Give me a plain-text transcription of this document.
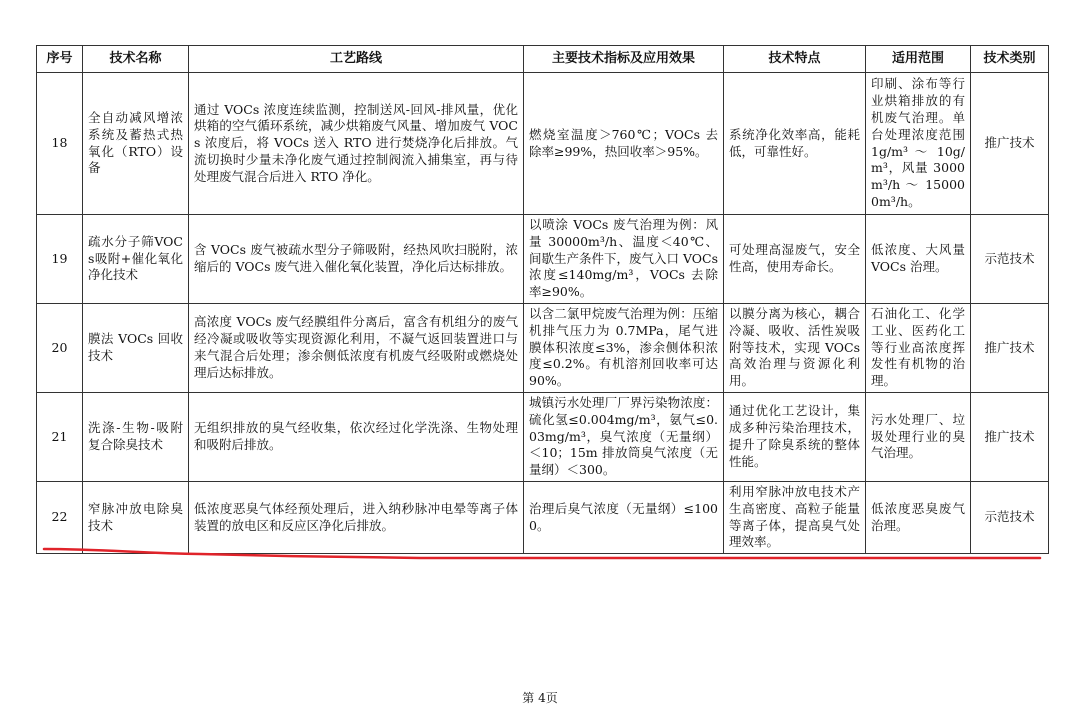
序号	技术名称	工艺路线	主要技术指标及应用效果	技术特点	适用范围	技术类别
18	全自动减风增浓系统及蓄热式热氧化（RTO）设备	通过 VOCs 浓度连续监测，控制送风-回风-排风量，优化烘箱的空气循环系统，减少烘箱废气风量、增加废气 VOCs 浓度后，将 VOCs 送入 RTO 进行焚烧净化后排放。气流切换时少量未净化废气通过控制阀流入捕集室，再与待处理废气混合后进入 RTO 净化。	燃烧室温度＞760℃；VOCs 去除率≥99%，热回收率＞95%。	系统净化效率高，能耗低，可靠性好。	印刷、涂布等行业烘箱排放的有机废气治理。单台处理浓度范围 1g/m³ ～ 10g/m³，风量 3000m³/h ～ 150000m³/h。	推广技术
19	疏水分子筛VOCs吸附+催化氧化净化技术	含 VOCs 废气被疏水型分子筛吸附，经热风吹扫脱附，浓缩后的 VOCs 废气进入催化氧化装置，净化后达标排放。	以喷涂 VOCs 废气治理为例：风量 30000m³/h、温度＜40℃、间歇生产条件下，废气入口 VOCs 浓度≤140mg/m³，VOCs 去除率≥90%。	可处理高湿废气，安全性高，使用寿命长。	低浓度、大风量 VOCs 治理。	示范技术
20	膜法 VOCs 回收技术	高浓度 VOCs 废气经膜组件分离后，富含有机组分的废气经冷凝或吸收等实现资源化利用，不凝气返回装置进口与来气混合后处理；渗余侧低浓度有机废气经吸附或燃烧处理后达标排放。	以含二氯甲烷废气治理为例：压缩机排气压力为 0.7MPa，尾气进膜体积浓度≤3%，渗余侧体积浓度≤0.2%。有机溶剂回收率可达 90%。	以膜分离为核心，耦合冷凝、吸收、活性炭吸附等技术，实现 VOCs 高效治理与资源化利用。	石油化工、化学工业、医药化工等行业高浓度挥发性有机物的治理。	推广技术
21	洗涤-生物-吸附复合除臭技术	无组织排放的臭气经收集，依次经过化学洗涤、生物处理和吸附后排放。	城镇污水处理厂厂界污染物浓度：硫化氢≤0.004mg/m³，氨气≤0.03mg/m³，臭气浓度（无量纲）＜10；15m 排放筒臭气浓度（无量纲）＜300。	通过优化工艺设计，集成多种污染治理技术，提升了除臭系统的整体性能。	污水处理厂、垃圾处理行业的臭气治理。	推广技术
22	窄脉冲放电除臭技术	低浓度恶臭气体经预处理后，进入纳秒脉冲电晕等离子体装置的放电区和反应区净化后排放。	治理后臭气浓度（无量纲）≤1000。	利用窄脉冲放电技术产生高密度、高粒子能量等离子体，提高臭气处理效率。	低浓度恶臭废气治理。	示范技术
第 4页
